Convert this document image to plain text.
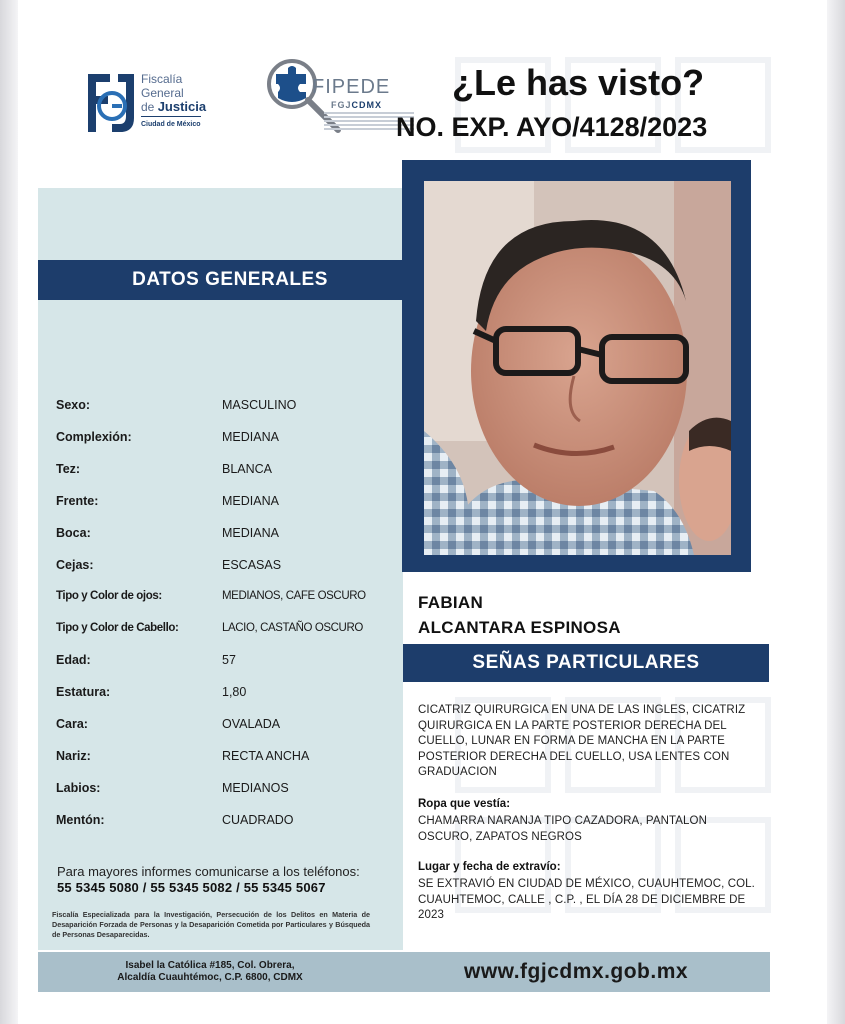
Fiscalía
General
de Justicia
Ciudad de México
FIPEDE
FGJCDMX
¿Le has visto?
NO. EXP. AYO/4128/2023
DATOS GENERALES
Sexo:	MASCULINO
Complexión:	MEDIANA
Tez:	BLANCA
Frente:	MEDIANA
Boca:	MEDIANA
Cejas:	ESCASAS
Tipo y Color de ojos:	MEDIANOS, CAFE OSCURO
Tipo y Color de Cabello:	LACIO, CASTAÑO OSCURO
Edad:	57
Estatura:	1,80
Cara:	OVALADA
Nariz:	RECTA ANCHA
Labios:	MEDIANOS
Mentón:	CUADRADO
Para mayores informes comunicarse a los teléfonos:
55 5345 5080 / 55 5345 5082 / 55 5345 5067
Fiscalía Especializada para la Investigación, Persecución de los Delitos en Materia de Desaparición Forzada de Personas y la Desaparición Cometida por Particulares y Búsqueda de Personas Desaparecidas.
FABIAN
ALCANTARA ESPINOSA
SEÑAS PARTICULARES
CICATRIZ QUIRURGICA EN UNA DE LAS INGLES, CICATRIZ QUIRURGICA EN LA PARTE POSTERIOR DERECHA DEL CUELLO, LUNAR EN FORMA DE MANCHA EN LA PARTE POSTERIOR DERECHA DEL CUELLO, USA LENTES CON GRADUACION
Ropa que vestía:
CHAMARRA NARANJA TIPO CAZADORA, PANTALON OSCURO, ZAPATOS NEGROS
Lugar y fecha de extravío:
SE EXTRAVIÓ EN CIUDAD DE MÉXICO, CUAUHTEMOC, COL. CUAUHTEMOC, CALLE , C.P. , EL DÍA 28 DE DICIEMBRE DE 2023
Isabel la Católica #185, Col. Obrera,
Alcaldía Cuauhtémoc, C.P. 6800, CDMX	www.fgjcdmx.gob.mx
